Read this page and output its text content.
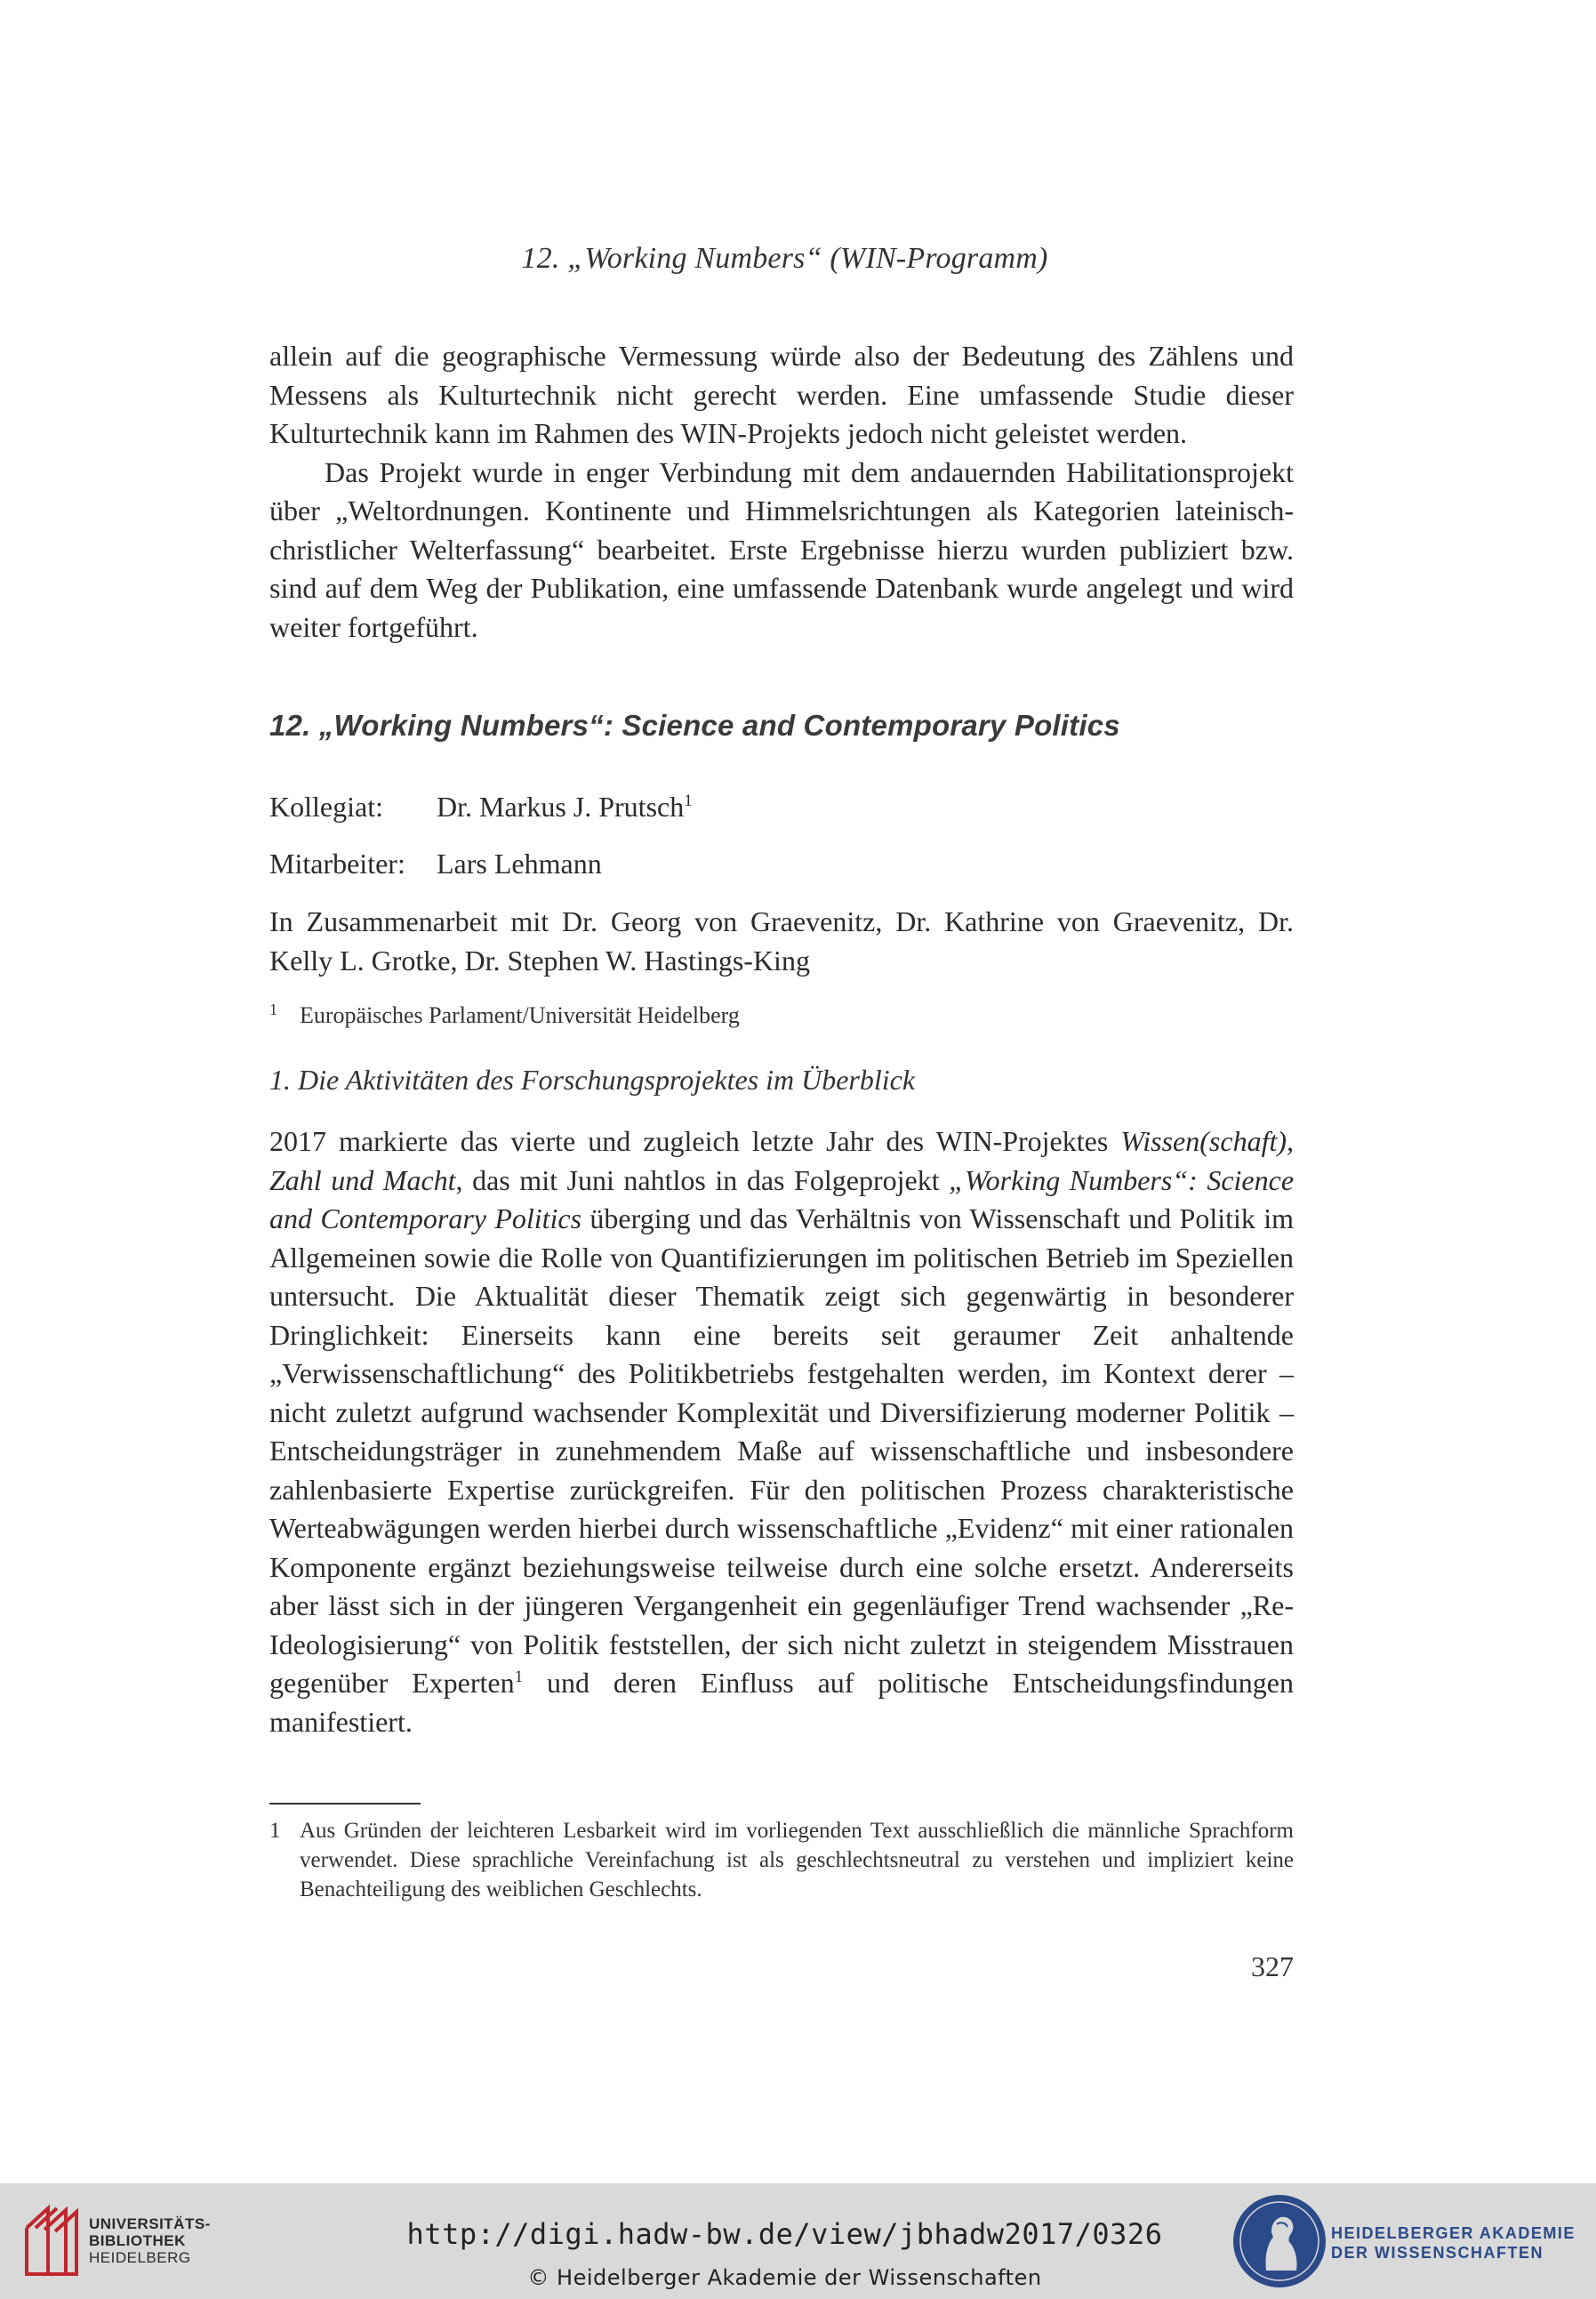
12. „Working Numbers“ (WIN-Programm)

allein auf die geographische Vermessung würde also der Bedeutung des Zählens und Messens als Kulturtechnik nicht gerecht werden. Eine umfassende Studie dieser Kulturtechnik kann im Rahmen des WIN-Projekts jedoch nicht geleistet werden.

Das Projekt wurde in enger Verbindung mit dem andauernden Habilitationsprojekt über „Weltordnungen. Kontinente und Himmelsrichtungen als Kategorien lateinisch-christlicher Welterfassung“ bearbeitet. Erste Ergebnisse hierzu wurden publiziert bzw. sind auf dem Weg der Publikation, eine umfassende Datenbank wurde angelegt und wird weiter fortgeführt.

12. „Working Numbers“: Science and Contemporary Politics
Kollegiat: Dr. Markus J. Prutsch$^1$
Mitarbeiter: Lars Lehmann
In Zusammenarbeit mit Dr. Georg von Graevenitz, Dr. Kathrine von Graevenitz, Dr. Kelly L. Grotke, Dr. Stephen W. Hastings-King
1 Europäisches Parlament/Universität Heidelberg
1. Die Aktivitäten des Forschungsprojektes im Überblick

2017 markierte das vierte und zugleich letzte Jahr des WIN-Projektes Wissen(schaft), Zahl und Macht, das mit Juni nahtlos in das Folgeprojekt „Working Numbers“: Science and Contemporary Politics überging und das Verhältnis von Wissenschaft und Politik im Allgemeinen sowie die Rolle von Quantifizierungen im politischen Betrieb im Speziellen untersucht. Die Aktualität dieser Thematik zeigt sich gegenwärtig in besonderer Dringlichkeit: Einerseits kann eine bereits seit geraumer Zeit anhaltende „Verwissenschaftlichung“ des Politikbetriebs festgehalten werden, im Kontext derer – nicht zuletzt aufgrund wachsender Komplexität und Diversifizierung moderner Politik – Entscheidungsträger in zunehmendem Maße auf wissenschaftliche und insbesondere zahlenbasierte Expertise zurückgreifen. Für den politischen Prozess charakteristische Werteabwägungen werden hierbei durch wissenschaftliche „Evidenz“ mit einer rationalen Komponente ergänzt beziehungsweise teilweise durch eine solche ersetzt. Andererseits aber lässt sich in der jüngeren Vergangenheit ein gegenläufiger Trend wachsender „Re-Ideologisierung“ von Politik feststellen, der sich nicht zuletzt in steigendem Misstrauen gegenüber Experten$^1$ und deren Einfluss auf politische Entscheidungsfindungen manifestiert.

1 Aus Gründen der leichteren Lesbarkeit wird im vorliegenden Text ausschließlich die männliche Sprachform verwendet. Diese sprachliche Vereinfachung ist als geschlechtsneutral zu verstehen und impliziert keine Benachteiligung des weiblichen Geschlechts.
327
UNIVERSITÄTS-
BIBLIOTHEK
HEIDELBERG
http://digi.hadw-bw.de/view/jbhadw2017/0326
© Heidelberger Akademie der Wissenschaften
HEIDELBERGER AKADEMIE
DER WISSENSCHAFTEN
